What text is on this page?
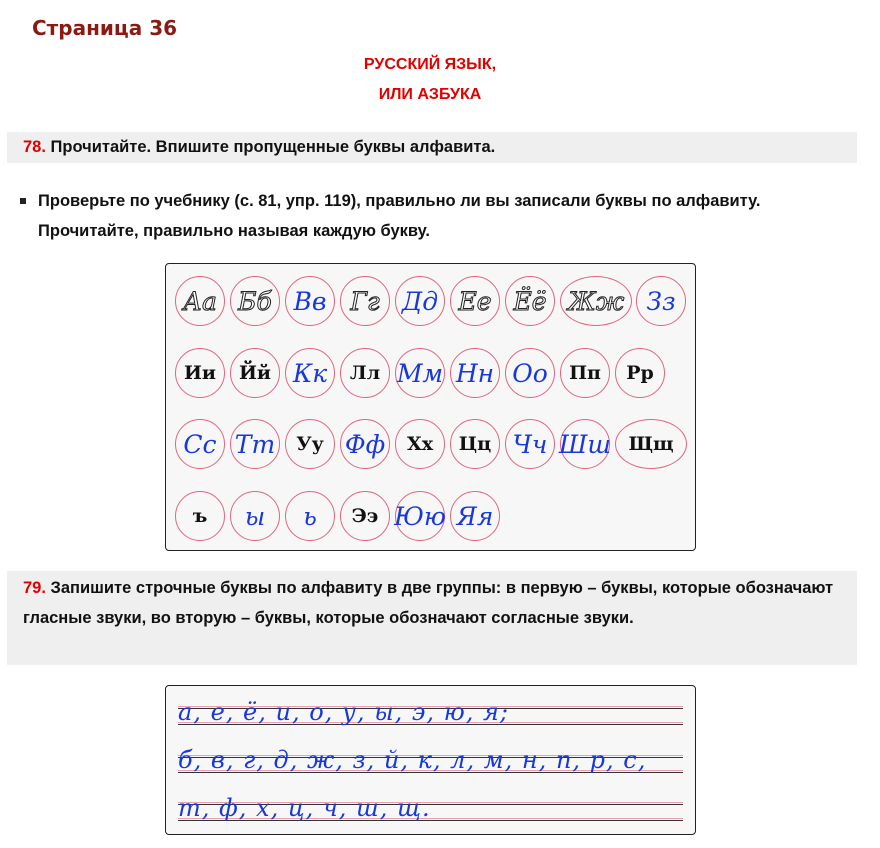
Страница 36
РУССКИЙ ЯЗЫК,
ИЛИ АЗБУКА
78. Прочитайте. Впишите пропущенные буквы алфавита.
Проверьте по учебнику (с. 81, упр. 119), правильно ли вы записали буквы по алфавиту. Прочитайте, правильно называя каждую букву.
Аа Бб Вв Гг Дд Ее Ёё Жж Зз
Ии	Йй Кк	Лл Мм Нн Оо	Пп	Рр
Сс Тт	Уу Фф	Хх	Цц Чч Шш Щщ
ъ	ы	ь	Ээ Юю Яя
79. Запишите строчные буквы по алфавиту в две группы: в первую – буквы, которые обозначают гласные звуки, во вторую – буквы, которые обозначают согласные звуки.
а, е, ё, и, о, у, ы, э, ю, я;
б, в, г, д, ж, з, й, к, л, м, н, п, р, с,
т, ф, х, ц, ч, ш, щ.
